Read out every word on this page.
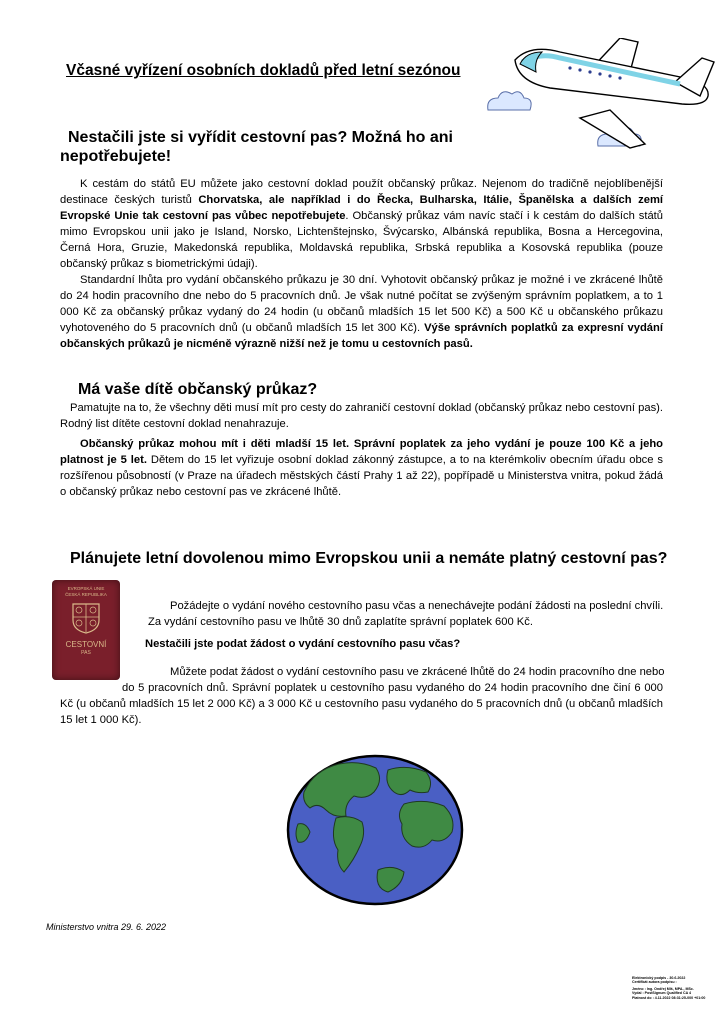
Včasné vyřízení osobních dokladů před letní sezónou
Nestačili jste si vyřídit cestovní pas? Možná ho ani
nepotřebujete!
K cestám do států EU můžete jako cestovní doklad použít občanský průkaz. Nejenom do tradičně nejoblíbenější destinace českých turistů Chorvatska, ale například i do Řecka, Bulharska, Itálie, Španělska a dalších zemí Evropské Unie tak cestovní pas vůbec nepotřebujete. Občanský průkaz vám navíc stačí i k cestám do dalších států mimo Evropskou unii jako je Island, Norsko, Lichtenštejnsko, Švýcarsko, Albánská republika, Bosna a Hercegovina, Černá Hora, Gruzie, Makedonská republika, Moldavská republika, Srbská republika a Kosovská republika (pouze občanský průkaz s biometrickými údaji).
Standardní lhůta pro vydání občanského průkazu je 30 dní. Vyhotovit občanský průkaz je možné i ve zkrácené lhůtě do 24 hodin pracovního dne nebo do 5 pracovních dnů. Je však nutné počítat se zvýšeným správním poplatkem, a to 1 000 Kč za občanský průkaz vydaný do 24 hodin (u občanů mladších 15 let 500 Kč) a 500 Kč u občanského průkazu vyhotoveného do 5 pracovních dnů (u občanů mladších 15 let 300 Kč). Výše správních poplatků za expresní vydání občanských průkazů je nicméně výrazně nižší než je tomu u cestovních pasů.
Má vaše dítě občanský průkaz?
Pamatujte na to, že všechny děti musí mít pro cesty do zahraničí cestovní doklad (občanský průkaz nebo cestovní pas). Rodný list dítěte cestovní doklad nenahrazuje.
Občanský průkaz mohou mít i děti mladší 15 let. Správní poplatek za jeho vydání je pouze 100 Kč a jeho platnost je 5 let. Dětem do 15 let vyřizuje osobní doklad zákonný zástupce, a to na kterémkoliv obecním úřadu obce s rozšířenou působností (v Praze na úřadech městských částí Prahy 1 až 22), popřípadě u Ministerstva vnitra, pokud žádá o občanský průkaz nebo cestovní pas ve zkrácené lhůtě.
Plánujete letní dovolenou mimo Evropskou unii a nemáte platný cestovní pas?
EVROPSKÁ UNIE
ČESKÁ REPUBLIKA
CESTOVNÍ
PAS
Požádejte o vydání nového cestovního pasu včas a nenechávejte podání žádosti na poslední chvíli.
Za vydání cestovního pasu ve lhůtě 30 dnů zaplatíte správní poplatek 600 Kč.
Nestačili jste podat žádost o vydání cestovního pasu včas?
Můžete podat žádost o vydání cestovního pasu ve zkrácené lhůtě do 24 hodin pracovního dne nebo
do 5 pracovních dnů. Správní poplatek u cestovního pasu vydaného do 24 hodin pracovního dne činí 6 000 Kč (u občanů mladších 15 let 2 000 Kč) a 3 000 Kč u cestovního pasu vydaného do 5 pracovních dnů (u občanů mladších 15 let 1 000 Kč).
Ministerstvo vnitra 29. 6. 2022
Elektronický podpis - 30.6.2022
Certifikát autora podpisu :
Jméno : Ing. Ondřej Mlš, MPA., MSc.
Vydal : PostSignum Qualified CA 4
Platnost do : 4.11.2022 08:31:25-000 +01:00
